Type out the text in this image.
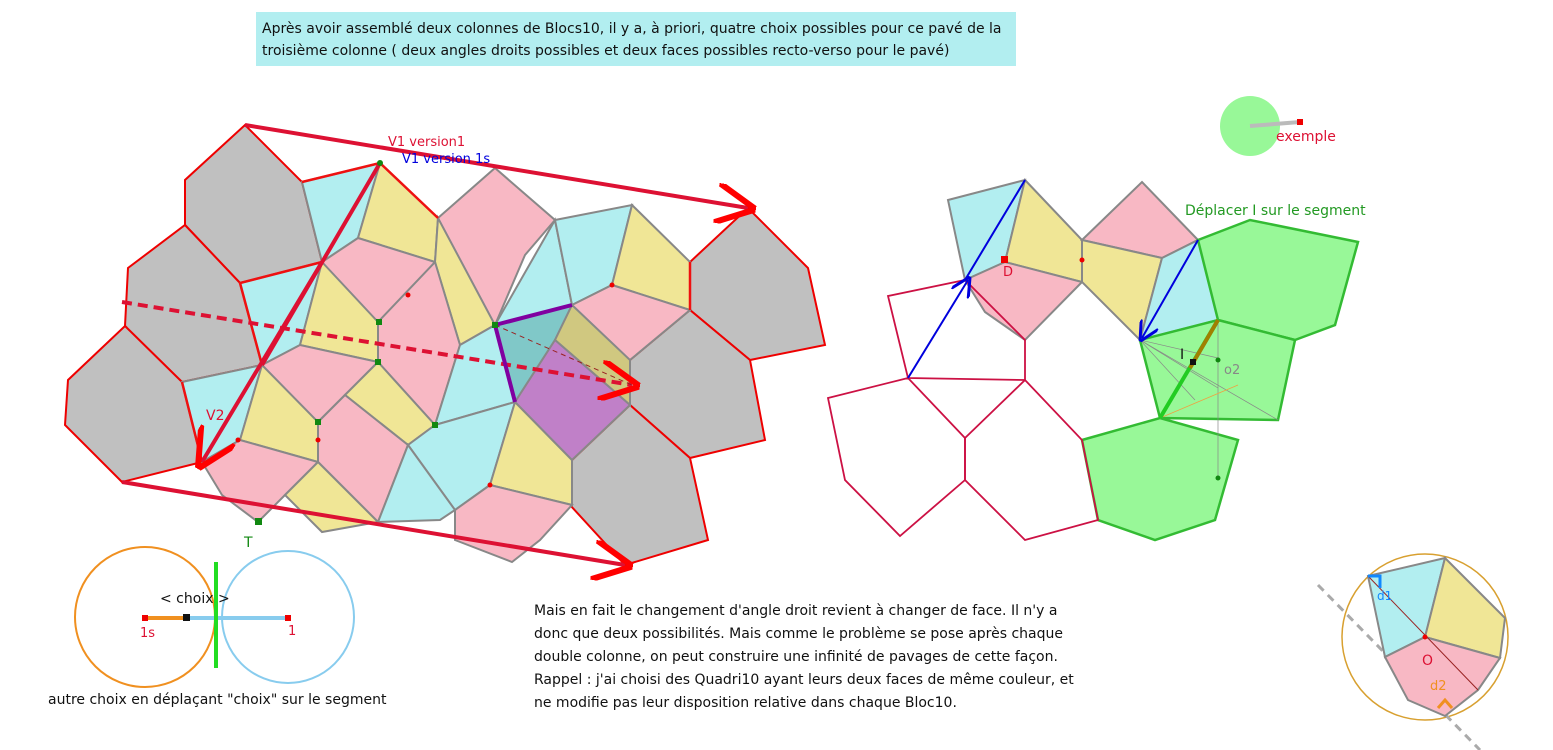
Après avoir assemblé deux colonnes de Blocs10, il y a, à priori, quatre choix possibles pour ce pavé de la troisième colonne ( deux angles droits possibles et deux faces possibles recto-verso pour le pavé)
V1 version1
V1 version 1s
V2
T
D
I
o2
Déplacer I sur le segment
exemple
< choix >
1s	1
d1
O
d2
Mais en fait le changement d'angle droit revient à changer de face. Il n'y a donc que deux possibilités. Mais comme le problème se pose après chaque double colonne, on peut construire une infinité de pavages de cette façon. Rappel : j'ai choisi des Quadri10 ayant leurs deux faces de même couleur, et ne modifie pas leur disposition relative dans chaque Bloc10.
autre choix en déplaçant "choix" sur le segment
